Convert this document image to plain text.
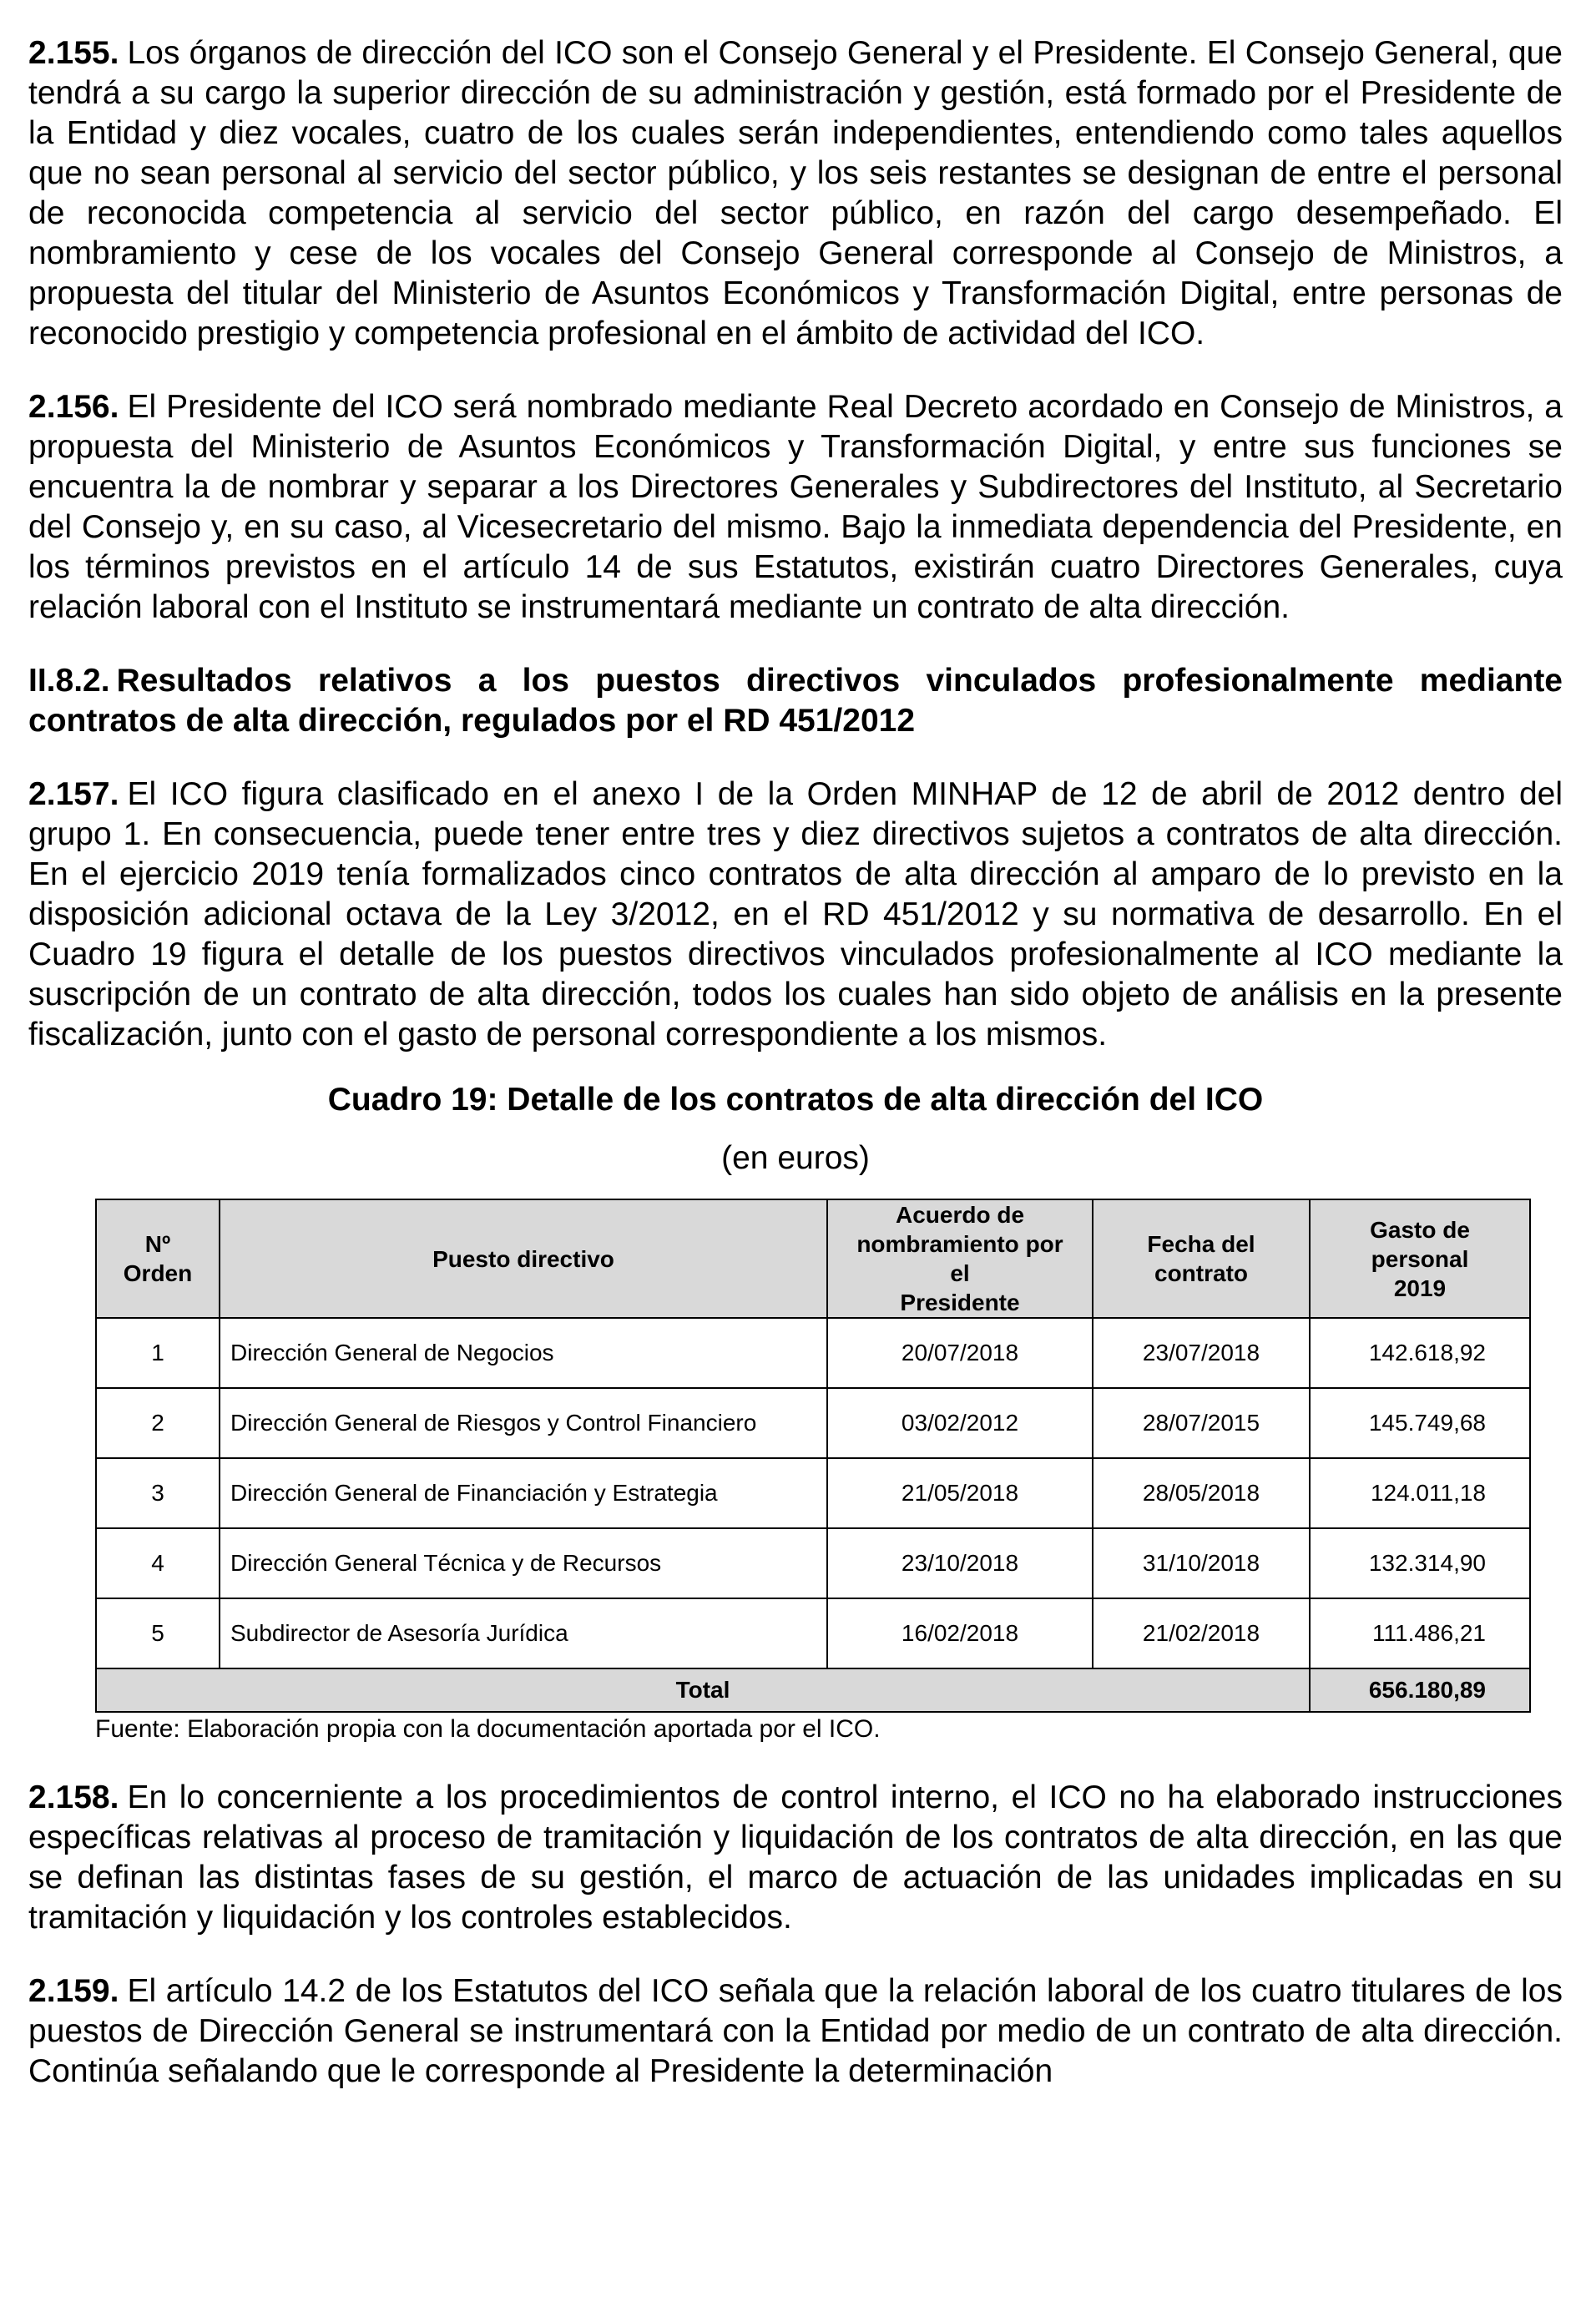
2.155. Los órganos de dirección del ICO son el Consejo General y el Presidente. El Consejo General, que tendrá a su cargo la superior dirección de su administración y gestión, está formado por el Presidente de la Entidad y diez vocales, cuatro de los cuales serán independientes, entendiendo como tales aquellos que no sean personal al servicio del sector público, y los seis restantes se designan de entre el personal de reconocida competencia al servicio del sector público, en razón del cargo desempeñado. El nombramiento y cese de los vocales del Consejo General corresponde al Consejo de Ministros, a propuesta del titular del Ministerio de Asuntos Económicos y Transformación Digital, entre personas de reconocido prestigio y competencia profesional en el ámbito de actividad del ICO.

2.156. El Presidente del ICO será nombrado mediante Real Decreto acordado en Consejo de Ministros, a propuesta del Ministerio de Asuntos Económicos y Transformación Digital, y entre sus funciones se encuentra la de nombrar y separar a los Directores Generales y Subdirectores del Instituto, al Secretario del Consejo y, en su caso, al Vicesecretario del mismo. Bajo la inmediata dependencia del Presidente, en los términos previstos en el artículo 14 de sus Estatutos, existirán cuatro Directores Generales, cuya relación laboral con el Instituto se instrumentará mediante un contrato de alta dirección.

II.8.2. Resultados relativos a los puestos directivos vinculados profesionalmente mediante contratos de alta dirección, regulados por el RD 451/2012

2.157. El ICO figura clasificado en el anexo I de la Orden MINHAP de 12 de abril de 2012 dentro del grupo 1. En consecuencia, puede tener entre tres y diez directivos sujetos a contratos de alta dirección. En el ejercicio 2019 tenía formalizados cinco contratos de alta dirección al amparo de lo previsto en la disposición adicional octava de la Ley 3/2012, en el RD 451/2012 y su normativa de desarrollo. En el Cuadro 19 figura el detalle de los puestos directivos vinculados profesionalmente al ICO mediante la suscripción de un contrato de alta dirección, todos los cuales han sido objeto de análisis en la presente fiscalización, junto con el gasto de personal correspondiente a los mismos.

Cuadro 19: Detalle de los contratos de alta dirección del ICO

(en euros)

Nº
Orden	Puesto directivo	Acuerdo de
nombramiento por
el
Presidente	Fecha del
contrato	Gasto de
personal
2019
1	Dirección General de Negocios	20/07/2018	23/07/2018	142.618,92
2	Dirección General de Riesgos y Control Financiero	03/02/2012	28/07/2015	145.749,68
3	Dirección General de Financiación y Estrategia	21/05/2018	28/05/2018	124.011,18
4	Dirección General Técnica y de Recursos	23/10/2018	31/10/2018	132.314,90
5	Subdirector de Asesoría Jurídica	16/02/2018	21/02/2018	111.486,21
Total				656.180,89

Fuente: Elaboración propia con la documentación aportada por el ICO.

2.158. En lo concerniente a los procedimientos de control interno, el ICO no ha elaborado instrucciones específicas relativas al proceso de tramitación y liquidación de los contratos de alta dirección, en las que se definan las distintas fases de su gestión, el marco de actuación de las unidades implicadas en su tramitación y liquidación y los controles establecidos.

2.159. El artículo 14.2 de los Estatutos del ICO señala que la relación laboral de los cuatro titulares de los puestos de Dirección General se instrumentará con la Entidad por medio de un contrato de alta dirección. Continúa señalando que le corresponde al Presidente la determinación
